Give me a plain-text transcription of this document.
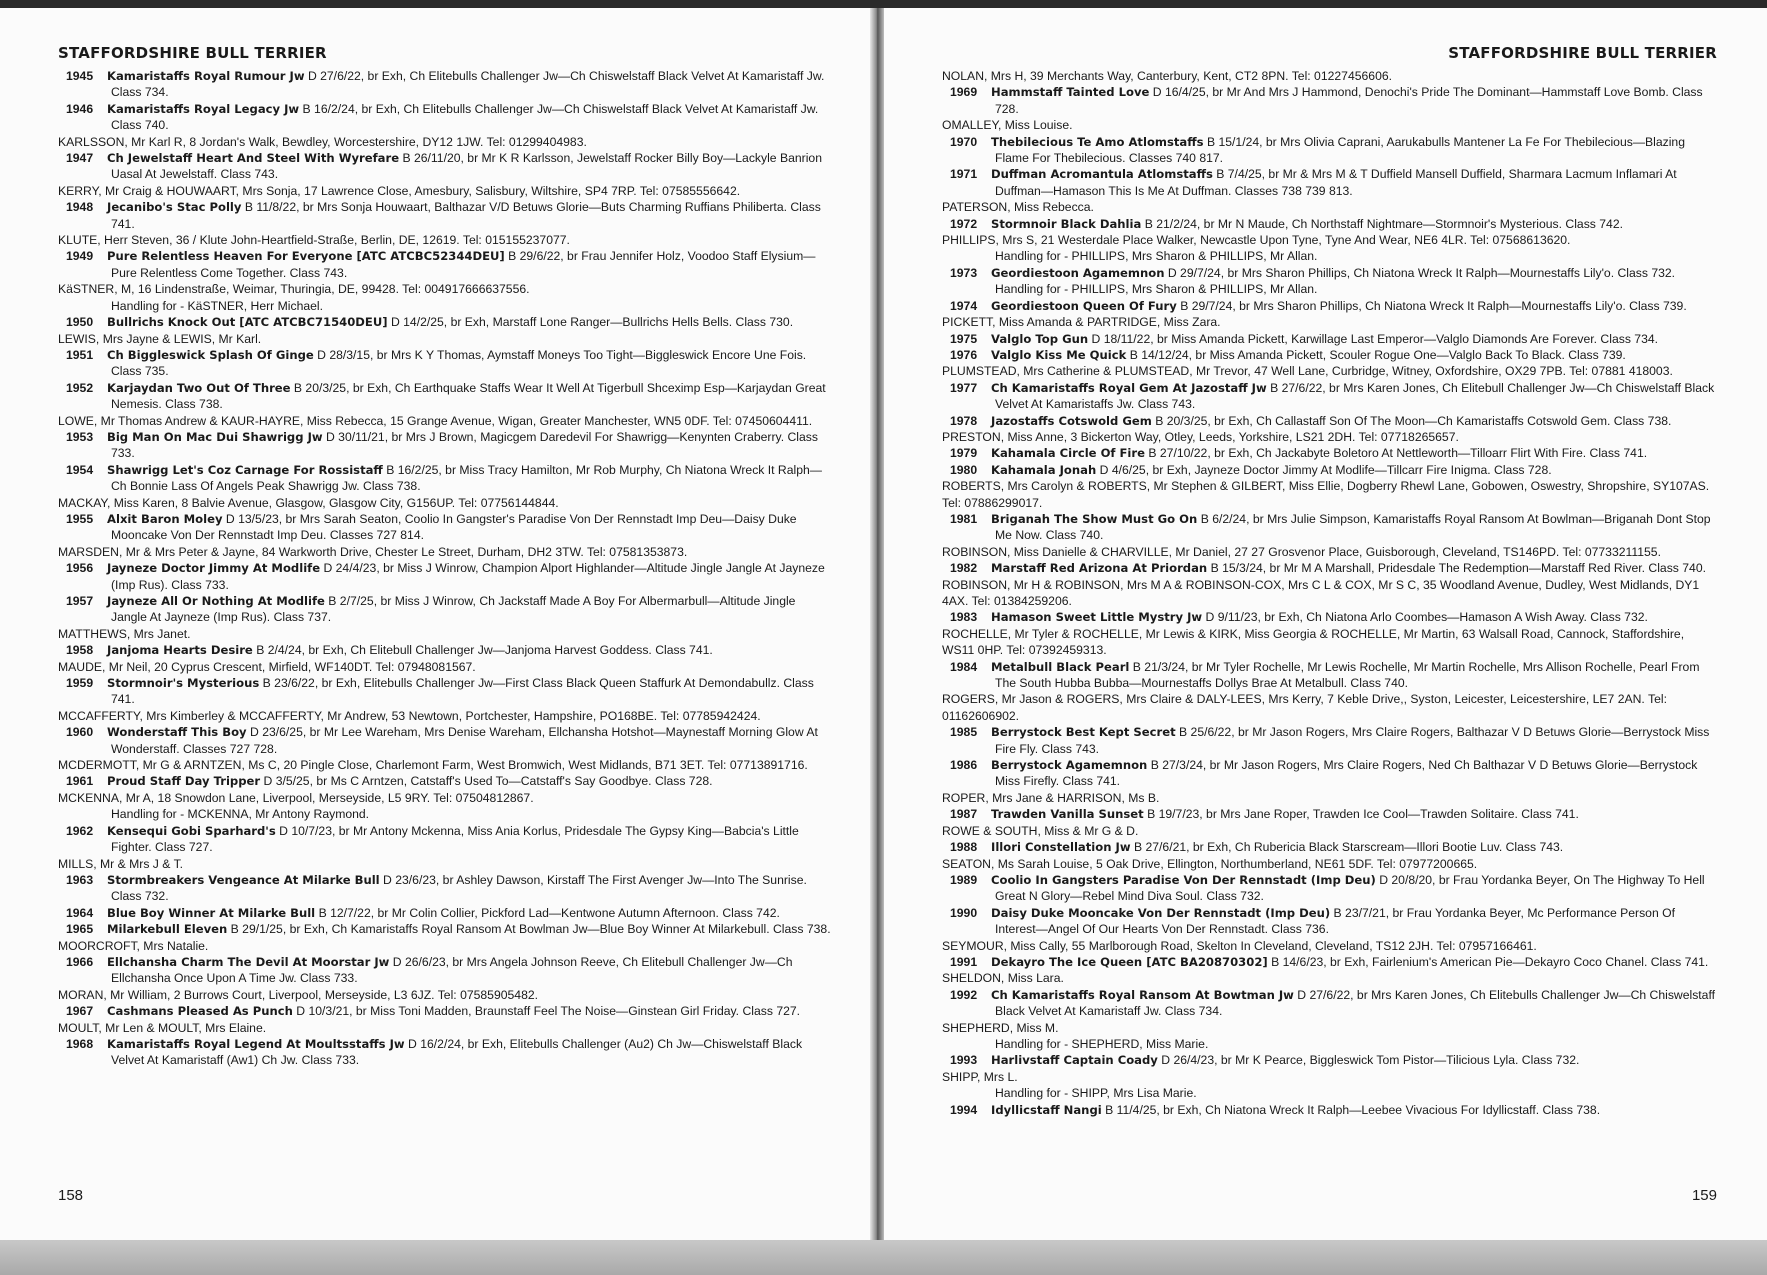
STAFFORDSHIRE BULL TERRIER
1945 Kamaristaffs Royal Rumour Jw D 27/6/22, br Exh, Ch Elitebulls Challenger Jw—Ch Chiswelstaff Black Velvet At Kamaristaff Jw. Class 734.
1946 Kamaristaffs Royal Legacy Jw B 16/2/24, br Exh, Ch Elitebulls Challenger Jw—Ch Chiswelstaff Black Velvet At Kamaristaff Jw. Class 740.
KARLSSON, Mr Karl R, 8 Jordan's Walk, Bewdley, Worcestershire, DY12 1JW. Tel: 01299404983.
1947 Ch Jewelstaff Heart And Steel With Wyrefare B 26/11/20, br Mr K R Karlsson, Jewelstaff Rocker Billy Boy—Lackyle Banrion Uasal At Jewelstaff. Class 743.
KERRY, Mr Craig & HOUWAART, Mrs Sonja, 17 Lawrence Close, Amesbury, Salisbury, Wiltshire, SP4 7RP. Tel: 07585556642.
1948 Jecanibo's Stac Polly B 11/8/22, br Mrs Sonja Houwaart, Balthazar V/D Betuws Glorie—Buts Charming Ruffians Philiberta. Class 741.
KLUTE, Herr Steven, 36 / Klute John-Heartfield-Straße, Berlin, DE, 12619. Tel: 015155237077.
1949 Pure Relentless Heaven For Everyone [ATC ATCBC52344DEU] B 29/6/22, br Frau Jennifer Holz, Voodoo Staff Elysium—Pure Relentless Come Together. Class 743.
KäSTNER, M, 16 Lindenstraße, Weimar, Thuringia, DE, 99428. Tel: 004917666637556.
Handling for - KäSTNER, Herr Michael.
1950 Bullrichs Knock Out [ATC ATCBC71540DEU] D 14/2/25, br Exh, Marstaff Lone Ranger—Bullrichs Hells Bells. Class 730.
LEWIS, Mrs Jayne & LEWIS, Mr Karl.
1951 Ch Biggleswick Splash Of Ginge D 28/3/15, br Mrs K Y Thomas, Aymstaff Moneys Too Tight—Biggleswick Encore Une Fois. Class 735.
1952 Karjaydan Two Out Of Three B 20/3/25, br Exh, Ch Earthquake Staffs Wear It Well At Tigerbull Shceximp Esp—Karjaydan Great Nemesis. Class 738.
LOWE, Mr Thomas Andrew & KAUR-HAYRE, Miss Rebecca, 15 Grange Avenue, Wigan, Greater Manchester, WN5 0DF. Tel: 07450604411.
1953 Big Man On Mac Dui Shawrigg Jw D 30/11/21, br Mrs J Brown, Magicgem Daredevil For Shawrigg—Kenynten Craberry. Class 733.
1954 Shawrigg Let's Coz Carnage For Rossistaff B 16/2/25, br Miss Tracy Hamilton, Mr Rob Murphy, Ch Niatona Wreck It Ralph—Ch Bonnie Lass Of Angels Peak Shawrigg Jw. Class 738.
MACKAY, Miss Karen, 8 Balvie Avenue, Glasgow, Glasgow City, G156UP. Tel: 07756144844.
1955 Alxit Baron Moley D 13/5/23, br Mrs Sarah Seaton, Coolio In Gangster's Paradise Von Der Rennstadt Imp Deu—Daisy Duke Mooncake Von Der Rennstadt Imp Deu. Classes 727 814.
MARSDEN, Mr & Mrs Peter & Jayne, 84 Warkworth Drive, Chester Le Street, Durham, DH2 3TW. Tel: 07581353873.
1956 Jayneze Doctor Jimmy At Modlife D 24/4/23, br Miss J Winrow, Champion Alport Highlander—Altitude Jingle Jangle At Jayneze (Imp Rus). Class 733.
1957 Jayneze All Or Nothing At Modlife B 2/7/25, br Miss J Winrow, Ch Jackstaff Made A Boy For Albermarbull—Altitude Jingle Jangle At Jayneze (Imp Rus). Class 737.
MATTHEWS, Mrs Janet.
1958 Janjoma Hearts Desire B 2/4/24, br Exh, Ch Elitebull Challenger Jw—Janjoma Harvest Goddess. Class 741.
MAUDE, Mr Neil, 20 Cyprus Crescent, Mirfield, WF140DT. Tel: 07948081567.
1959 Stormnoir's Mysterious B 23/6/22, br Exh, Elitebulls Challenger Jw—First Class Black Queen Staffurk At Demondabullz. Class 741.
MCCAFFERTY, Mrs Kimberley & MCCAFFERTY, Mr Andrew, 53 Newtown, Portchester, Hampshire, PO168BE. Tel: 07785942424.
1960 Wonderstaff This Boy D 23/6/25, br Mr Lee Wareham, Mrs Denise Wareham, Ellchansha Hotshot—Maynestaff Morning Glow At Wonderstaff. Classes 727 728.
MCDERMOTT, Mr G & ARNTZEN, Ms C, 20 Pingle Close, Charlemont Farm, West Bromwich, West Midlands, B71 3ET. Tel: 07713891716.
1961 Proud Staff Day Tripper D 3/5/25, br Ms C Arntzen, Catstaff's Used To—Catstaff's Say Goodbye. Class 728.
MCKENNA, Mr A, 18 Snowdon Lane, Liverpool, Merseyside, L5 9RY. Tel: 07504812867.
Handling for - MCKENNA, Mr Antony Raymond.
1962 Kensequi Gobi Sparhard's D 10/7/23, br Mr Antony Mckenna, Miss Ania Korlus, Pridesdale The Gypsy King—Babcia's Little Fighter. Class 727.
MILLS, Mr & Mrs J & T.
1963 Stormbreakers Vengeance At Milarke Bull D 23/6/23, br Ashley Dawson, Kirstaff The First Avenger Jw—Into The Sunrise. Class 732.
1964 Blue Boy Winner At Milarke Bull B 12/7/22, br Mr Colin Collier, Pickford Lad—Kentwone Autumn Afternoon. Class 742.
1965 Milarkebull Eleven B 29/1/25, br Exh, Ch Kamaristaffs Royal Ransom At Bowlman Jw—Blue Boy Winner At Milarkebull. Class 738.
MOORCROFT, Mrs Natalie.
1966 Ellchansha Charm The Devil At Moorstar Jw D 26/6/23, br Mrs Angela Johnson Reeve, Ch Elitebull Challenger Jw—Ch Ellchansha Once Upon A Time Jw. Class 733.
MORAN, Mr William, 2 Burrows Court, Liverpool, Merseyside, L3 6JZ. Tel: 07585905482.
1967 Cashmans Pleased As Punch D 10/3/21, br Miss Toni Madden, Braunstaff Feel The Noise—Ginstean Girl Friday. Class 727.
MOULT, Mr Len & MOULT, Mrs Elaine.
1968 Kamaristaffs Royal Legend At Moultsstaffs Jw D 16/2/24, br Exh, Elitebulls Challenger (Au2) Ch Jw—Chiswelstaff Black Velvet At Kamaristaff (Aw1) Ch Jw. Class 733.
158
STAFFORDSHIRE BULL TERRIER
NOLAN, Mrs H, 39 Merchants Way, Canterbury, Kent, CT2 8PN. Tel: 01227456606.
1969 Hammstaff Tainted Love D 16/4/25, br Mr And Mrs J Hammond, Denochi's Pride The Dominant—Hammstaff Love Bomb. Class 728.
OMALLEY, Miss Louise.
1970 Thebilecious Te Amo Atlomstaffs B 15/1/24, br Mrs Olivia Caprani, Aarukabulls Mantener La Fe For Thebilecious—Blazing Flame For Thebilecious. Classes 740 817.
1971 Duffman Acromantula Atlomstaffs B 7/4/25, br Mr & Mrs M & T Duffield Mansell Duffield, Sharmara Lacmum Inflamari At Duffman—Hamason This Is Me At Duffman. Classes 738 739 813.
PATERSON, Miss Rebecca.
1972 Stormnoir Black Dahlia B 21/2/24, br Mr N Maude, Ch Northstaff Nightmare—Stormnoir's Mysterious. Class 742.
PHILLIPS, Mrs S, 21 Westerdale Place Walker, Newcastle Upon Tyne, Tyne And Wear, NE6 4LR. Tel: 07568613620.
Handling for - PHILLIPS, Mrs Sharon & PHILLIPS, Mr Allan.
1973 Geordiestoon Agamemnon D 29/7/24, br Mrs Sharon Phillips, Ch Niatona Wreck It Ralph—Mournestaffs Lily'o. Class 732.
Handling for - PHILLIPS, Mrs Sharon & PHILLIPS, Mr Allan.
1974 Geordiestoon Queen Of Fury B 29/7/24, br Mrs Sharon Phillips, Ch Niatona Wreck It Ralph—Mournestaffs Lily'o. Class 739.
PICKETT, Miss Amanda & PARTRIDGE, Miss Zara.
1975 Valglo Top Gun D 18/11/22, br Miss Amanda Pickett, Karwillage Last Emperor—Valglo Diamonds Are Forever. Class 734.
1976 Valglo Kiss Me Quick B 14/12/24, br Miss Amanda Pickett, Scouler Rogue One—Valglo Back To Black. Class 739.
PLUMSTEAD, Mrs Catherine & PLUMSTEAD, Mr Trevor, 47 Well Lane, Curbridge, Witney, Oxfordshire, OX29 7PB. Tel: 07881 418003.
1977 Ch Kamaristaffs Royal Gem At Jazostaff Jw B 27/6/22, br Mrs Karen Jones, Ch Elitebull Challenger Jw—Ch Chiswelstaff Black Velvet At Kamaristaffs Jw. Class 743.
1978 Jazostaffs Cotswold Gem B 20/3/25, br Exh, Ch Callastaff Son Of The Moon—Ch Kamaristaffs Cotswold Gem. Class 738.
PRESTON, Miss Anne, 3 Bickerton Way, Otley, Leeds, Yorkshire, LS21 2DH. Tel: 07718265657.
1979 Kahamala Circle Of Fire B 27/10/22, br Exh, Ch Jackabyte Boletoro At Nettleworth—Tilloarr Flirt With Fire. Class 741.
1980 Kahamala Jonah D 4/6/25, br Exh, Jayneze Doctor Jimmy At Modlife—Tillcarr Fire Inigma. Class 728.
ROBERTS, Mrs Carolyn & ROBERTS, Mr Stephen & GILBERT, Miss Ellie, Dogberry Rhewl Lane, Gobowen, Oswestry, Shropshire, SY107AS. Tel: 07886299017.
1981 Briganah The Show Must Go On B 6/2/24, br Mrs Julie Simpson, Kamaristaffs Royal Ransom At Bowlman—Briganah Dont Stop Me Now. Class 740.
ROBINSON, Miss Danielle & CHARVILLE, Mr Daniel, 27 27 Grosvenor Place, Guisborough, Cleveland, TS146PD. Tel: 07733211155.
1982 Marstaff Red Arizona At Priordan B 15/3/24, br Mr M A Marshall, Pridesdale The Redemption—Marstaff Red River. Class 740.
ROBINSON, Mr H & ROBINSON, Mrs M A & ROBINSON-COX, Mrs C L & COX, Mr S C, 35 Woodland Avenue, Dudley, West Midlands, DY1 4AX. Tel: 01384259206.
1983 Hamason Sweet Little Mystry Jw D 9/11/23, br Exh, Ch Niatona Arlo Coombes—Hamason A Wish Away. Class 732.
ROCHELLE, Mr Tyler & ROCHELLE, Mr Lewis & KIRK, Miss Georgia & ROCHELLE, Mr Martin, 63 Walsall Road, Cannock, Staffordshire, WS11 0HP. Tel: 07392459313.
1984 Metalbull Black Pearl B 21/3/24, br Mr Tyler Rochelle, Mr Lewis Rochelle, Mr Martin Rochelle, Mrs Allison Rochelle, Pearl From The South Hubba Bubba—Mournestaffs Dollys Brae At Metalbull. Class 740.
ROGERS, Mr Jason & ROGERS, Mrs Claire & DALY-LEES, Mrs Kerry, 7 Keble Drive,, Syston, Leicester, Leicestershire, LE7 2AN. Tel: 01162606902.
1985 Berrystock Best Kept Secret B 25/6/22, br Mr Jason Rogers, Mrs Claire Rogers, Balthazar V D Betuws Glorie—Berrystock Miss Fire Fly. Class 743.
1986 Berrystock Agamemnon B 27/3/24, br Mr Jason Rogers, Mrs Claire Rogers, Ned Ch Balthazar V D Betuws Glorie—Berrystock Miss Firefly. Class 741.
ROPER, Mrs Jane & HARRISON, Ms B.
1987 Trawden Vanilla Sunset B 19/7/23, br Mrs Jane Roper, Trawden Ice Cool—Trawden Solitaire. Class 741.
ROWE & SOUTH, Miss & Mr G & D.
1988 Illori Constellation Jw B 27/6/21, br Exh, Ch Rubericia Black Starscream—Illori Bootie Luv. Class 743.
SEATON, Ms Sarah Louise, 5 Oak Drive, Ellington, Northumberland, NE61 5DF. Tel: 07977200665.
1989 Coolio In Gangsters Paradise Von Der Rennstadt (Imp Deu) D 20/8/20, br Frau Yordanka Beyer, On The Highway To Hell Great N Glory—Rebel Mind Diva Soul. Class 732.
1990 Daisy Duke Mooncake Von Der Rennstadt (Imp Deu) B 23/7/21, br Frau Yordanka Beyer, Mc Performance Person Of Interest—Angel Of Our Hearts Von Der Rennstadt. Class 736.
SEYMOUR, Miss Cally, 55 Marlborough Road, Skelton In Cleveland, Cleveland, TS12 2JH. Tel: 07957166461.
1991 Dekayro The Ice Queen [ATC BA20870302] B 14/6/23, br Exh, Fairlenium's American Pie—Dekayro Coco Chanel. Class 741.
SHELDON, Miss Lara.
1992 Ch Kamaristaffs Royal Ransom At Bowtman Jw D 27/6/22, br Mrs Karen Jones, Ch Elitebulls Challenger Jw—Ch Chiswelstaff Black Velvet At Kamaristaff Jw. Class 734.
SHEPHERD, Miss M.
Handling for - SHEPHERD, Miss Marie.
1993 Harlivstaff Captain Coady D 26/4/23, br Mr K Pearce, Biggleswick Tom Pistor—Tilicious Lyla. Class 732.
SHIPP, Mrs L.
Handling for - SHIPP, Mrs Lisa Marie.
1994 Idyllicstaff Nangi B 11/4/25, br Exh, Ch Niatona Wreck It Ralph—Leebee Vivacious For Idyllicstaff. Class 738.
159
